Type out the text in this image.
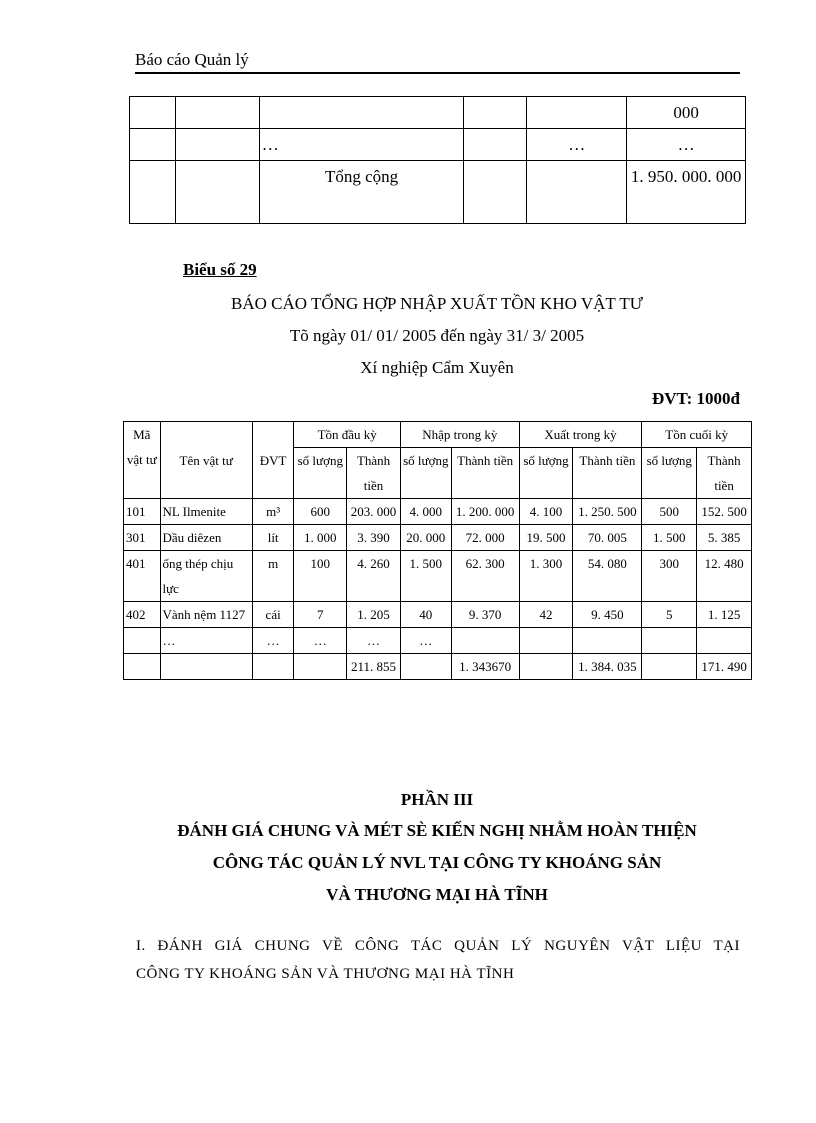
Báo cáo Quản lý
					000
		…		…	…
		Tổng cộng			1. 950. 000. 000
Biểu số 29
BÁO CÁO TỔNG HỢP NHẬP XUẤT TỒN KHO VẬT TƯ
Tõ ngày 01/ 01/ 2005 đến ngày 31/ 3/ 2005
Xí nghiệp Cẩm Xuyên
ĐVT: 1000đ
Mã vật tư	Tên vật tư	ĐVT	Tồn đầu kỳ		Nhập trong kỳ		Xuất trong kỳ		Tồn cuối kỳ	
			số lượng	Thành tiền	số lượng	Thành tiền	số lượng	Thành tiền	số lượng	Thành tiền
101	NL Ilmenite	m³	600	203. 000	4. 000	1. 200. 000	4. 100	1. 250. 500	500	152. 500
301	Dầu diêzen	lít	1. 000	3. 390	20. 000	72. 000	19. 500	70. 005	1. 500	5. 385
401	ống thép chịu lực	m	100	4. 260	1. 500	62. 300	1. 300	54. 080	300	12. 480
402	Vành nệm 1127	cái	7	1. 205	40	9. 370	42	9. 450	5	1. 125
	…	…	…	…	…					
				211. 855		1. 343670		1. 384. 035		171. 490
PHẦN III
ĐÁNH GIÁ CHUNG VÀ MÉT SÈ KIẾN NGHỊ NHẰM HOÀN THIỆN
CÔNG TÁC QUẢN LÝ NVL TẠI CÔNG TY KHOÁNG SẢN
VÀ THƯƠNG MẠI HÀ TĨNH
I. ĐÁNH GIÁ CHUNG VỀ CÔNG TÁC QUẢN LÝ NGUYÊN VẬT LIỆU TẠI
CÔNG TY KHOÁNG SẢN VÀ THƯƠNG MẠI HÀ TĨNH
